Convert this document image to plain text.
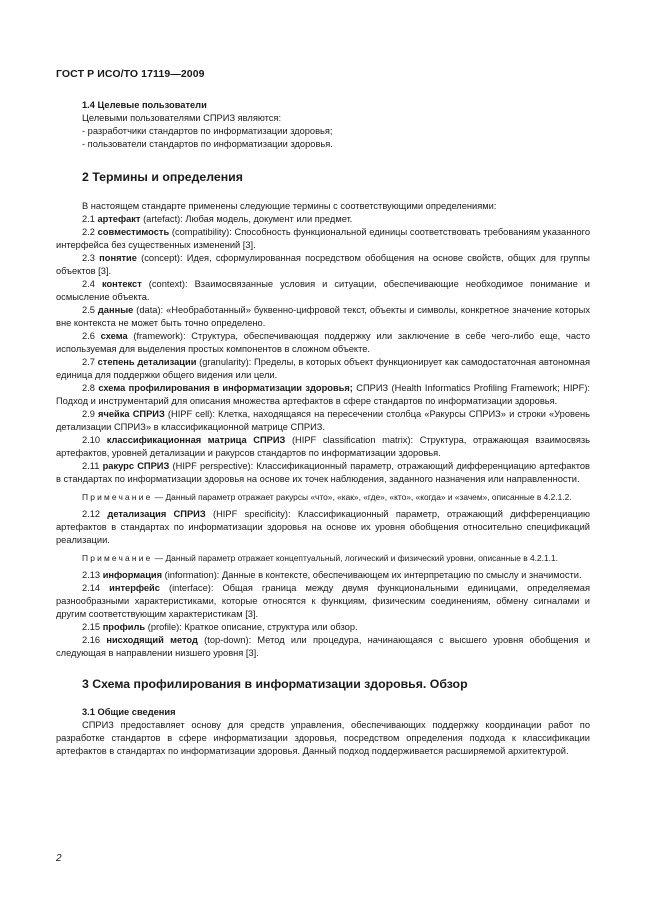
ГОСТ Р ИСО/ТО 17119—2009

1.4 Целевые пользователи

Целевыми пользователями СПРИЗ являются:

- разработчики стандартов по информатизации здоровья;

- пользователи стандартов по информатизации здоровья.

2 Термины и определения

В настоящем стандарте применены следующие термины с соответствующими определениями:

2.1 артефакт (artefact): Любая модель, документ или предмет.

2.2 совместимость (compatibility): Способность функциональной единицы соответствовать требованиям указанного интерфейса без существенных изменений [3].

2.3 понятие (concept): Идея, сформулированная посредством обобщения на основе свойств, общих для группы объектов [3].

2.4 контекст (context): Взаимосвязанные условия и ситуации, обеспечивающие необходимое понимание и осмысление объекта.

2.5 данные (data): «Необработанный» буквенно-цифровой текст, объекты и символы, конкретное значение которых вне контекста не может быть точно определено.

2.6 схема (framework): Структура, обеспечивающая поддержку или заключение в себе чего-либо еще, часто используемая для выделения простых компонентов в сложном объекте.

2.7 степень детализации (granularity): Пределы, в которых объект функционирует как самодостаточная автономная единица для поддержки общего видения или цели.

2.8 схема профилирования в информатизации здоровья; СПРИЗ (Health Informatics Profiling Framework; HIPF): Подход и инструментарий для описания множества артефактов в сфере стандартов по информатизации здоровья.

2.9 ячейка СПРИЗ (HIPF cell): Клетка, находящаяся на пересечении столбца «Ракурсы СПРИЗ» и строки «Уровень детализации СПРИЗ» в классификационной матрице СПРИЗ.

2.10 классификационная матрица СПРИЗ (HIPF classification matrix): Структура, отражающая взаимосвязь артефактов, уровней детализации и ракурсов стандартов по информатизации здоровья.

2.11 ракурс СПРИЗ (HIPF perspective): Классификационный параметр, отражающий дифференциацию артефактов в стандартах по информатизации здоровья на основе их точек наблюдения, заданного назначения или направленности.

Примечание — Данный параметр отражает ракурсы «что», «как», «где», «кто», «когда» и «зачем», описанные в 4.2.1.2.

2.12 детализация СПРИЗ (HIPF specificity): Классификационный параметр, отражающий дифференциацию артефактов в стандартах по информатизации здоровья на основе их уровня обобщения относительно спецификаций реализации.

Примечание — Данный параметр отражает концептуальный, логический и физический уровни, описанные в 4.2.1.1.

2.13 информация (information): Данные в контексте, обеспечивающем их интерпретацию по смыслу и значимости.

2.14 интерфейс (interface): Общая граница между двумя функциональными единицами, определяемая разнообразными характеристиками, которые относятся к функциям, физическим соединениям, обмену сигналами и другим соответствующим характеристикам [3].

2.15 профиль (profile): Краткое описание, структура или обзор.

2.16 нисходящий метод (top-down): Метод или процедура, начинающаяся с высшего уровня обобщения и следующая в направлении низшего уровня [3].

3 Схема профилирования в информатизации здоровья. Обзор

3.1 Общие сведения

СПРИЗ предоставляет основу для средств управления, обеспечивающих поддержку координации работ по разработке стандартов в сфере информатизации здоровья, посредством определения подхода к классификации артефактов в стандартах по информатизации здоровья. Данный подход поддерживается расширяемой архитектурой.

2
